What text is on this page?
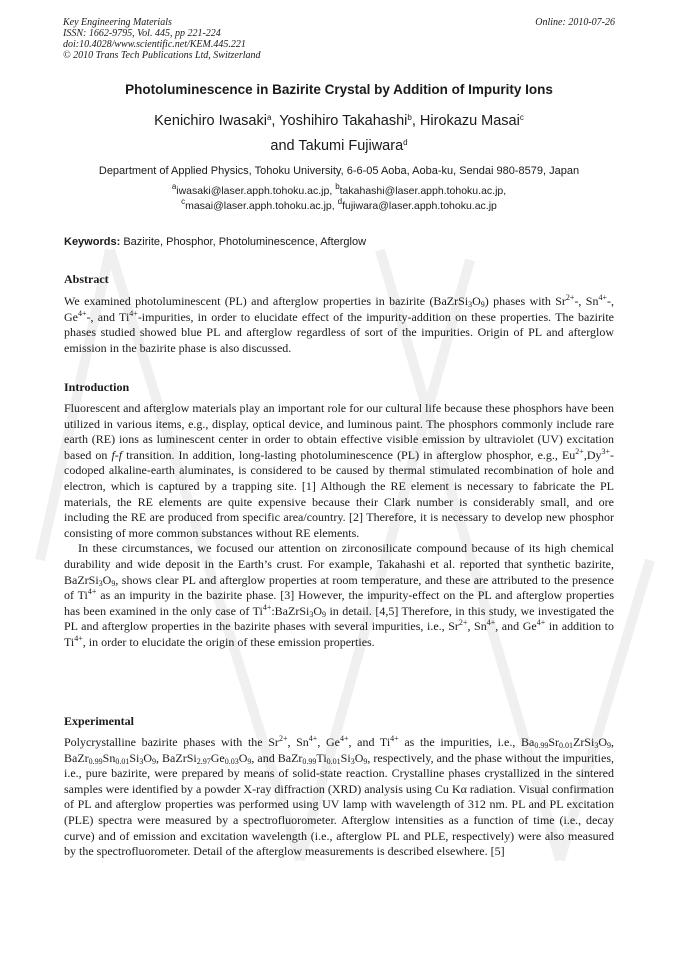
Key Engineering Materials
ISSN: 1662-9795, Vol. 445, pp 221-224
doi:10.4028/www.scientific.net/KEM.445.221
© 2010 Trans Tech Publications Ltd, Switzerland
Online: 2010-07-26
Photoluminescence in Bazirite Crystal by Addition of Impurity Ions
Kenichiro Iwasaki$^a$, Yoshihiro Takahashi$^b$, Hirokazu Masai$^c$
and Takumi Fujiwara$^d$
Department of Applied Physics, Tohoku University, 6-6-05 Aoba, Aoba-ku, Sendai 980-8579, Japan
$^a$iwasaki@laser.apph.tohoku.ac.jp, $^b$takahashi@laser.apph.tohoku.ac.jp,
$^c$masai@laser.apph.tohoku.ac.jp, $^d$fujiwara@laser.apph.tohoku.ac.jp
Keywords: Bazirite, Phosphor, Photoluminescence, Afterglow
Abstract

We examined photoluminescent (PL) and afterglow properties in bazirite $(BaZrSi_3O_9)$ phases with $Sr^{2+}-$, $Sn^{4+}-$, $Ge^{4+}-$, and $Ti^{4+}$-impurities, in order to elucidate effect of the impurity-addition on these properties. The bazirite phases studied showed blue PL and afterglow regardless of sort of the impurities. Origin of PL and afterglow emission in the bazirite phase is also discussed.

Introduction

Fluorescent and afterglow materials play an important role for our cultural life because these phosphors have been utilized in various items, e.g., display, optical device, and luminous paint. The phosphors commonly include rare earth (RE) ions as luminescent center in order to obtain effective visible emission by ultraviolet (UV) excitation based on f-f transition. In addition, long-lasting photoluminescence (PL) in afterglow phosphor, e.g., $Eu^{2+},Dy^{3+}$-codoped alkaline-earth aluminates, is considered to be caused by thermal stimulated recombination of hole and electron, which is captured by a trapping site. [1] Although the RE element is necessary to fabricate the PL materials, the RE elements are quite expensive because their Clark number is considerably small, and ore including the RE are produced from specific area/country. [2] Therefore, it is necessary to develop new phosphor consisting of more common substances without RE elements.

In these circumstances, we focused our attention on zirconosilicate compound because of its high chemical durability and wide deposit in the Earth’s crust. For example, Takahashi et al. reported that synthetic bazirite, $BaZrSi_3O_9$, shows clear PL and afterglow properties at room temperature, and these are attributed to the presence of $Ti^{4+}$ as an impurity in the bazirite phase. [3] However, the impurity-effect on the PL and afterglow properties has been examined in the only case of $Ti^{4+}:BaZrSi_3O_9$ in detail. [4,5] Therefore, in this study, we investigated the PL and afterglow properties in the bazirite phases with several impurities, i.e., $Sr^{2+}$, $Sn^{4+}$, and $Ge^{4+}$ in addition to $Ti^{4+}$, in order to elucidate the origin of these emission properties.

Experimental

Polycrystalline bazirite phases with the $Sr^{2+}$, $Sn^{4+}$, $Ge^{4+}$, and $Ti^{4+}$ as the impurities, i.e., $Ba_{0.99}Sr_{0.01}ZrSi_3O_9$, $BaZr_{0.99}Sn_{0.01}Si_3O_9$, $BaZrSi_{2.97}Ge_{0.03}O_9$, and $BaZr_{0.99}Ti_{0.01}Si_3O_9$, respectively, and the phase without the impurities, i.e., pure bazirite, were prepared by means of solid-state reaction. Crystalline phases crystallized in the sintered samples were identified by a powder X-ray diffraction (XRD) analysis using Cu Kα radiation. Visual confirmation of PL and afterglow properties was performed using UV lamp with wavelength of 312 nm. PL and PL excitation (PLE) spectra were measured by a spectrofluorometer. Afterglow intensities as a function of time (i.e., decay curve) and of emission and excitation wavelength (i.e., afterglow PL and PLE, respectively) were also measured by the spectrofluorometer. Detail of the afterglow measurements is described elsewhere. [5]
